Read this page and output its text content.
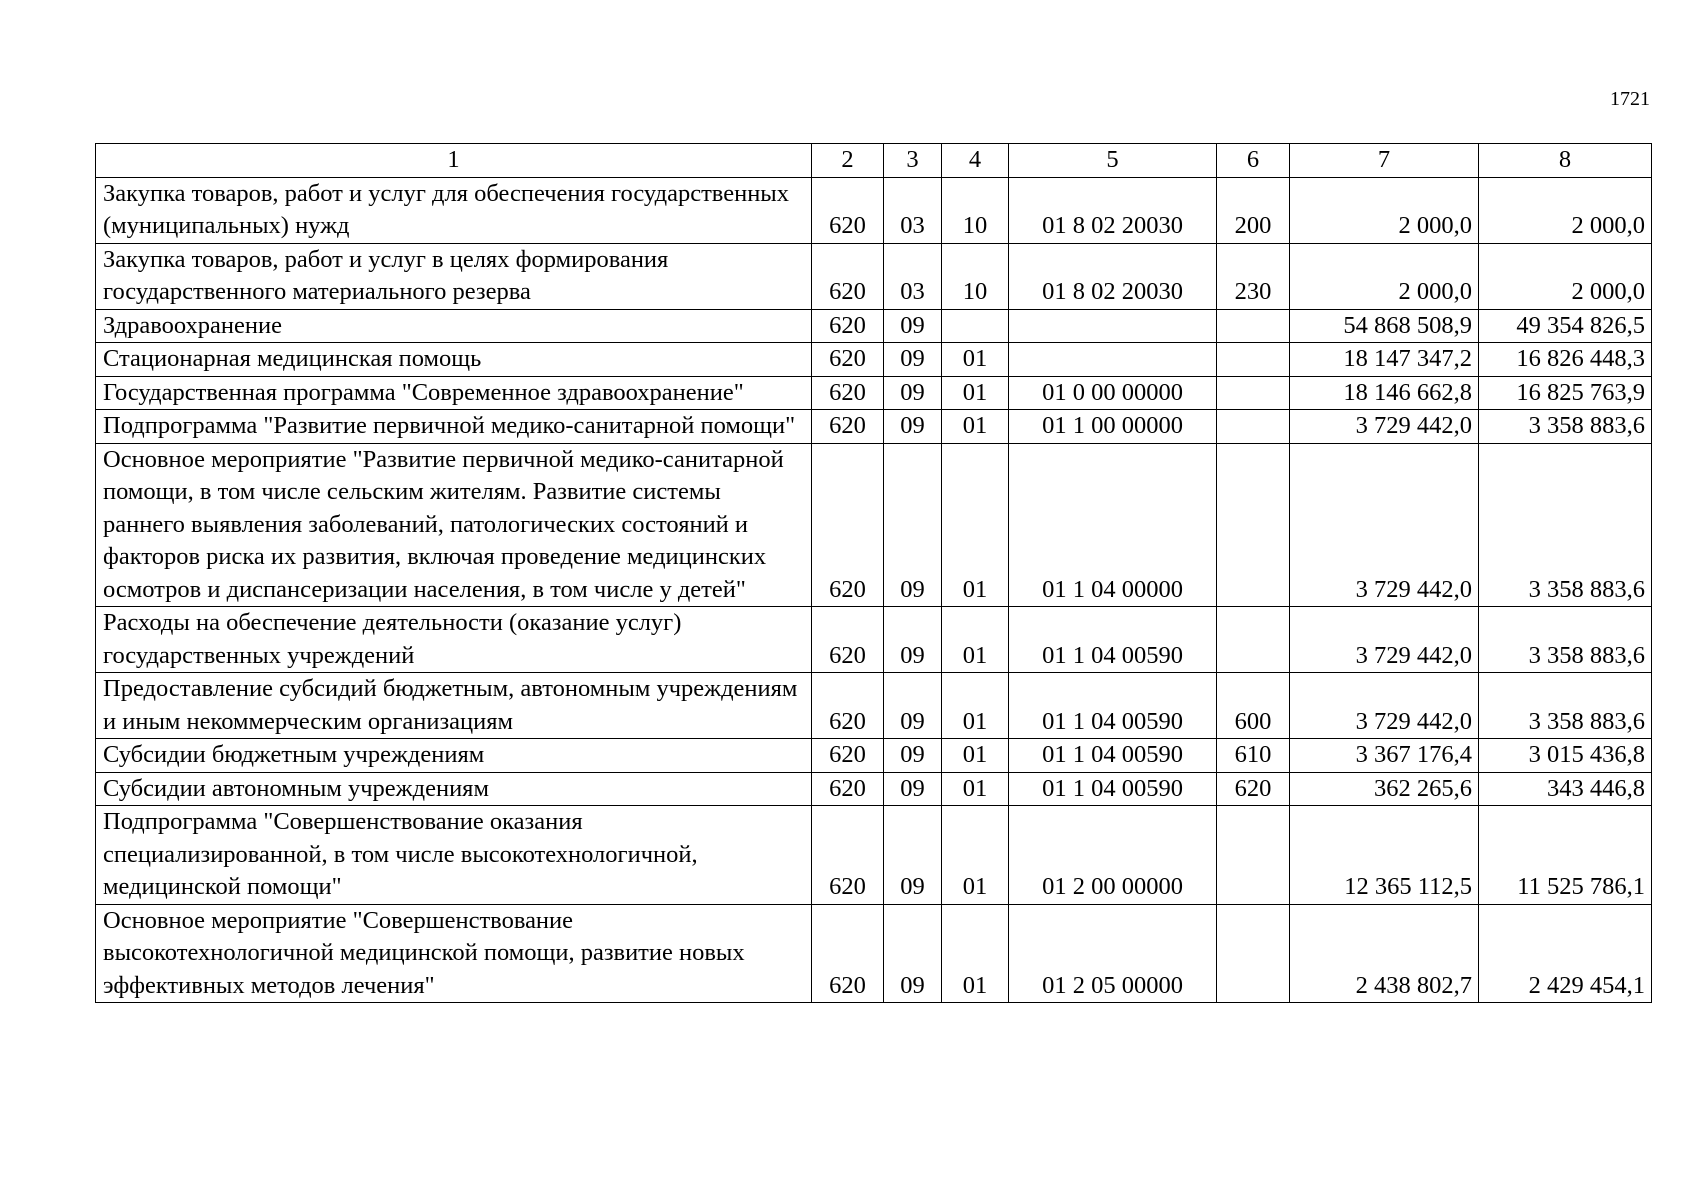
1721
1	2	3	4	5	6	7	8
Закупка товаров, работ и услуг для обеспечения государственных (муниципальных) нужд	620	03	10	01 8 02 20030	200	2 000,0	2 000,0
Закупка товаров, работ и услуг в целях формирования государственного материального резерва	620	03	10	01 8 02 20030	230	2 000,0	2 000,0
Здравоохранение	620	09				54 868 508,9	49 354 826,5
Стационарная медицинская помощь	620	09	01			18 147 347,2	16 826 448,3
Государственная программа "Современное здравоохранение"	620	09	01	01 0 00 00000		18 146 662,8	16 825 763,9
Подпрограмма "Развитие первичной медико-санитарной помощи"	620	09	01	01 1 00 00000		3 729 442,0	3 358 883,6
Основное мероприятие "Развитие первичной медико-санитарной помощи, в том числе сельским жителям. Развитие системы раннего выявления заболеваний, патологических состояний и факторов риска их развития, включая проведение медицинских осмотров и диспансеризации населения, в том числе у детей"	620	09	01	01 1 04 00000		3 729 442,0	3 358 883,6
Расходы на обеспечение деятельности (оказание услуг) государственных учреждений	620	09	01	01 1 04 00590		3 729 442,0	3 358 883,6
Предоставление субсидий бюджетным, автономным учреждениям и иным некоммерческим организациям	620	09	01	01 1 04 00590	600	3 729 442,0	3 358 883,6
Субсидии бюджетным учреждениям	620	09	01	01 1 04 00590	610	3 367 176,4	3 015 436,8
Субсидии автономным учреждениям	620	09	01	01 1 04 00590	620	362 265,6	343 446,8
Подпрограмма "Совершенствование оказания специализированной, в том числе высокотехнологичной, медицинской помощи"	620	09	01	01 2 00 00000		12 365 112,5	11 525 786,1
Основное мероприятие "Совершенствование высокотехнологичной медицинской помощи, развитие новых эффективных методов лечения"	620	09	01	01 2 05 00000		2 438 802,7	2 429 454,1
